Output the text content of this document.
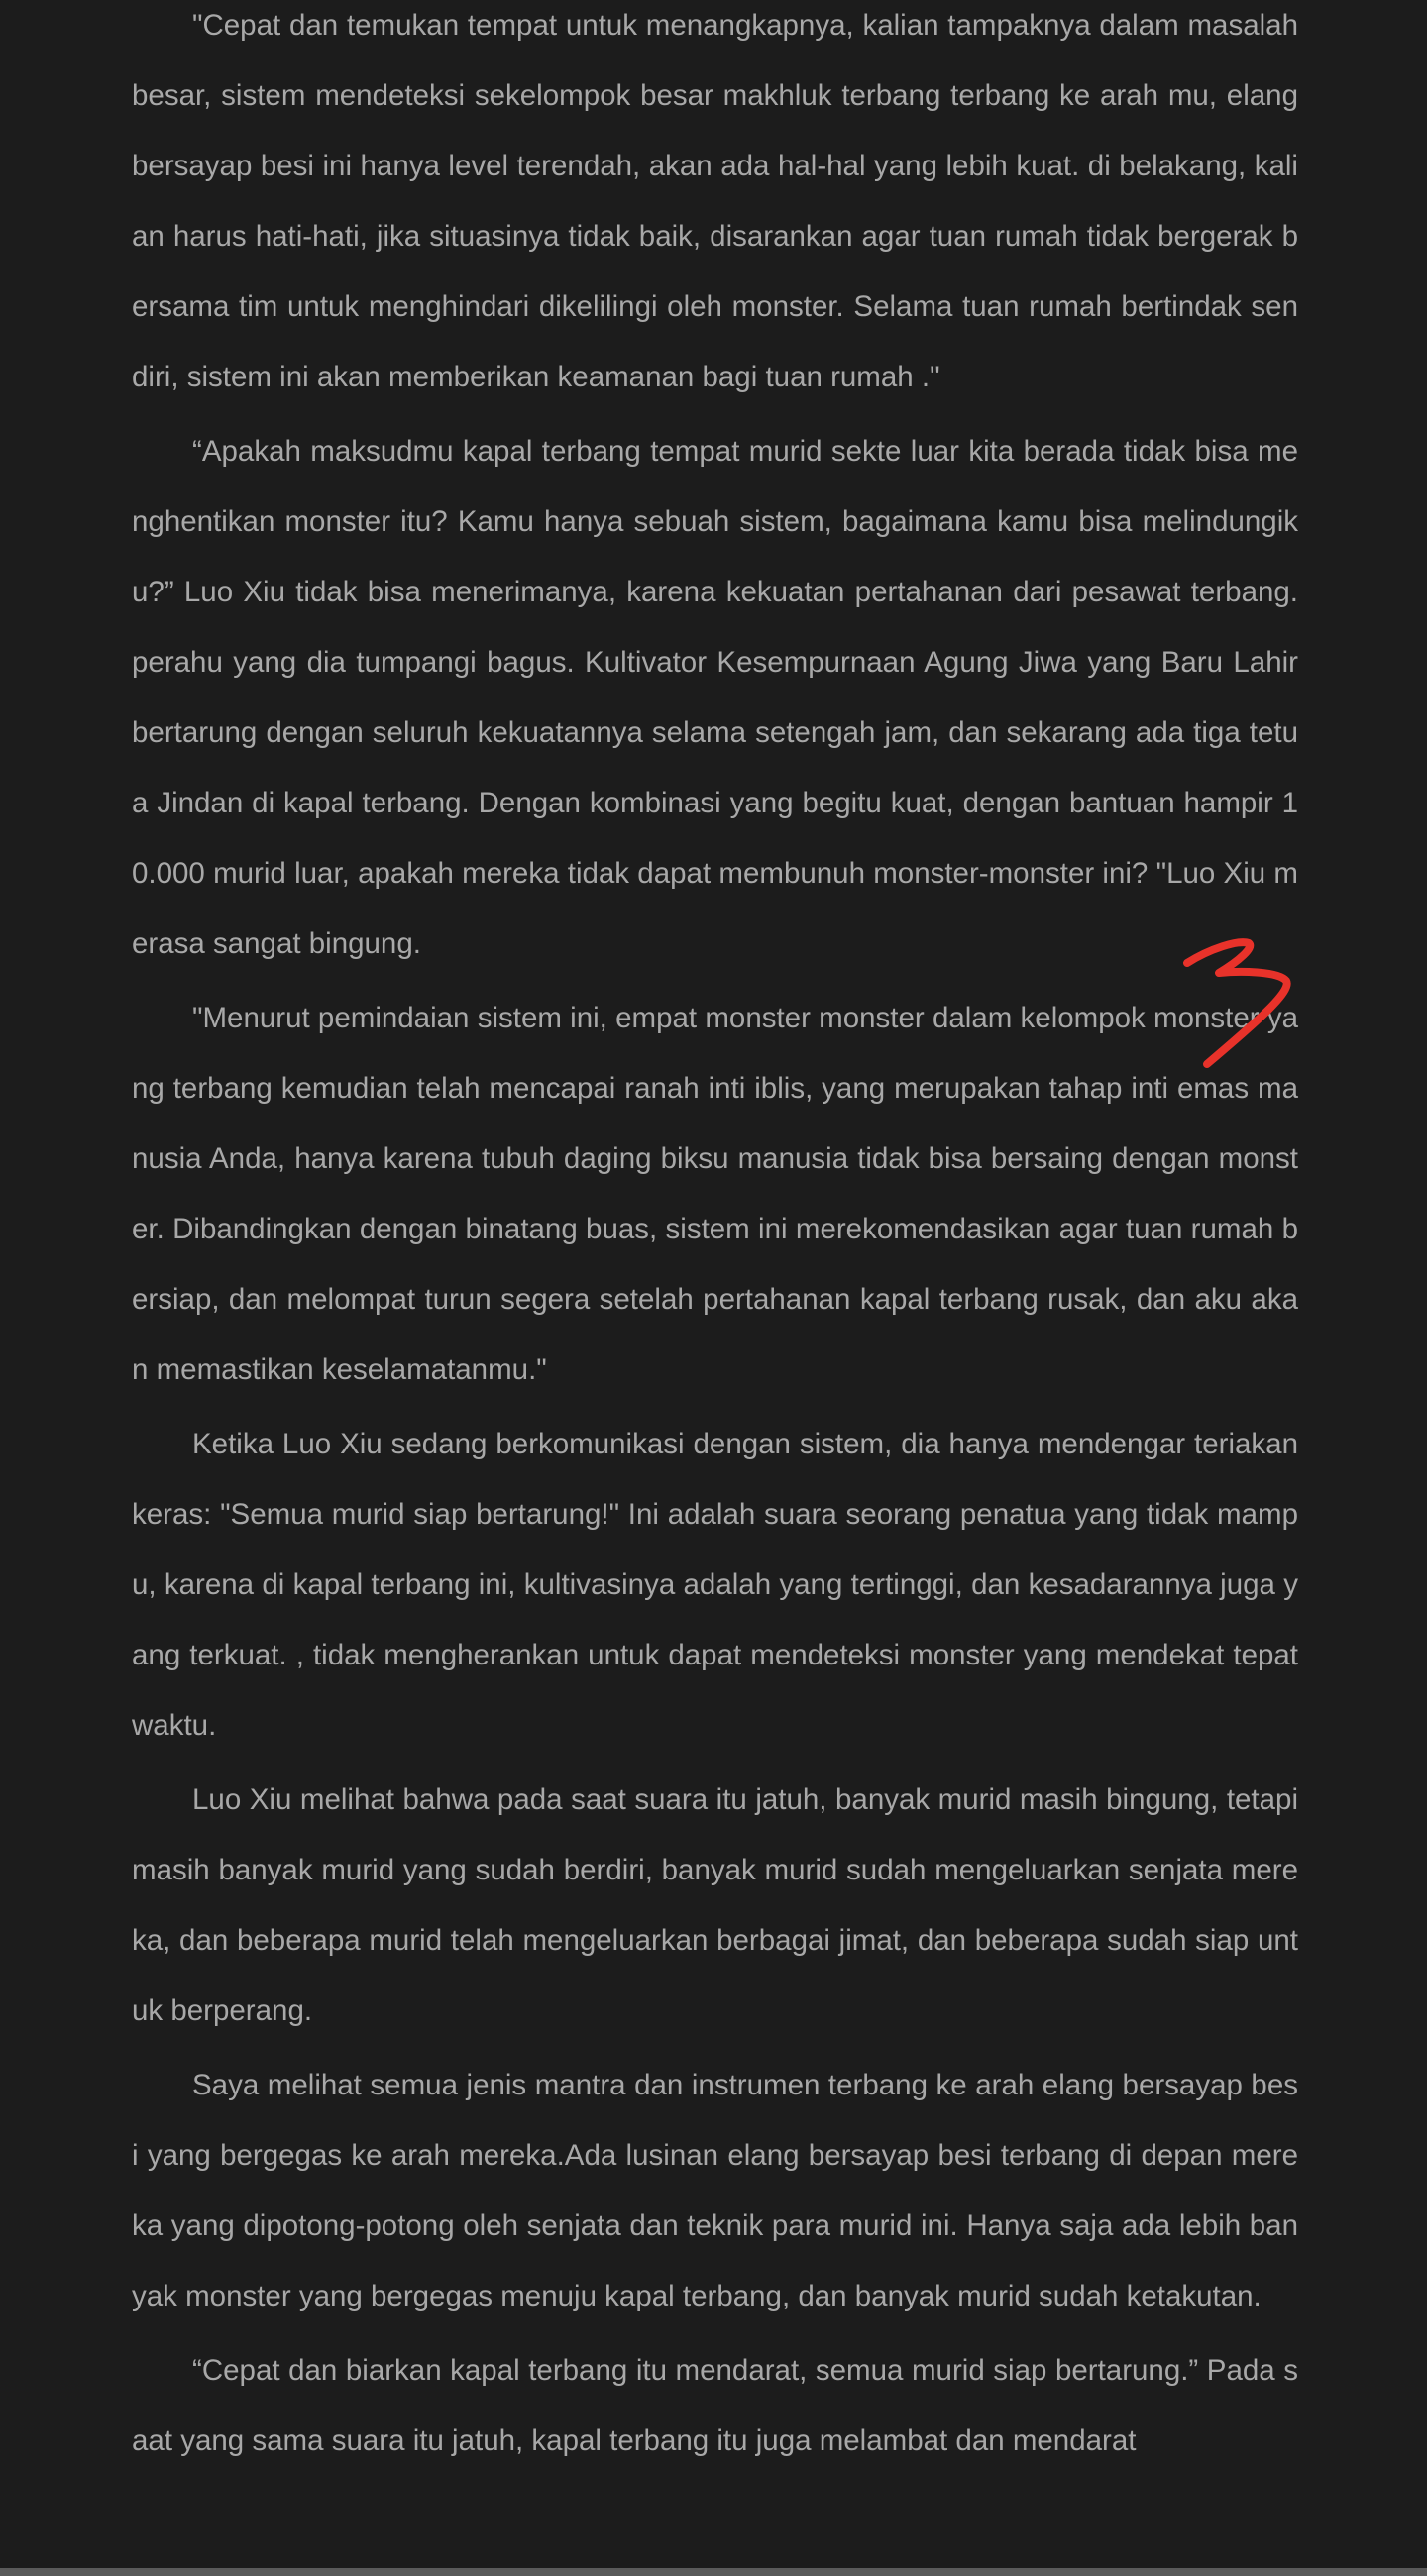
"Cepat dan temukan tempat untuk menangkapnya, kalian tampaknya dalam masalah besar, sistem mendeteksi sekelompok besar makhluk terbang terbang ke arah mu, elang bersayap besi ini hanya level terendah, akan ada hal-hal yang lebih kuat. di belakang, kalian harus hati-hati, jika situasinya tidak baik, disarankan agar tuan rumah tidak bergerak bersama tim untuk menghindari dikelilingi oleh monster. Selama tuan rumah bertindak sendiri, sistem ini akan memberikan keamanan bagi tuan rumah ."

“Apakah maksudmu kapal terbang tempat murid sekte luar kita berada tidak bisa menghentikan monster itu? Kamu hanya sebuah sistem, bagaimana kamu bisa melindungiku?” Luo Xiu tidak bisa menerimanya, karena kekuatan pertahanan dari pesawat terbang. perahu yang dia tumpangi bagus. Kultivator Kesempurnaan Agung Jiwa yang Baru Lahir bertarung dengan seluruh kekuatannya selama setengah jam, dan sekarang ada tiga tetua Jindan di kapal terbang. Dengan kombinasi yang begitu kuat, dengan bantuan hampir 10.000 murid luar, apakah mereka tidak dapat membunuh monster-monster ini? "Luo Xiu merasa sangat bingung.

"Menurut pemindaian sistem ini, empat monster monster dalam kelompok monster yang terbang kemudian telah mencapai ranah inti iblis, yang merupakan tahap inti emas manusia Anda, hanya karena tubuh daging biksu manusia tidak bisa bersaing dengan monster. Dibandingkan dengan binatang buas, sistem ini merekomendasikan agar tuan rumah bersiap, dan melompat turun segera setelah pertahanan kapal terbang rusak, dan aku akan memastikan keselamatanmu."

Ketika Luo Xiu sedang berkomunikasi dengan sistem, dia hanya mendengar teriakan keras: "Semua murid siap bertarung!" Ini adalah suara seorang penatua yang tidak mampu, karena di kapal terbang ini, kultivasinya adalah yang tertinggi, dan kesadarannya juga yang terkuat. , tidak mengherankan untuk dapat mendeteksi monster yang mendekat tepat waktu.

Luo Xiu melihat bahwa pada saat suara itu jatuh, banyak murid masih bingung, tetapi masih banyak murid yang sudah berdiri, banyak murid sudah mengeluarkan senjata mereka, dan beberapa murid telah mengeluarkan berbagai jimat, dan beberapa sudah siap untuk berperang.

Saya melihat semua jenis mantra dan instrumen terbang ke arah elang bersayap besi yang bergegas ke arah mereka.Ada lusinan elang bersayap besi terbang di depan mereka yang dipotong-potong oleh senjata dan teknik para murid ini. Hanya saja ada lebih banyak monster yang bergegas menuju kapal terbang, dan banyak murid sudah ketakutan.

“Cepat dan biarkan kapal terbang itu mendarat, semua murid siap bertarung.” Pada saat yang sama suara itu jatuh, kapal terbang itu juga melambat dan mendarat
